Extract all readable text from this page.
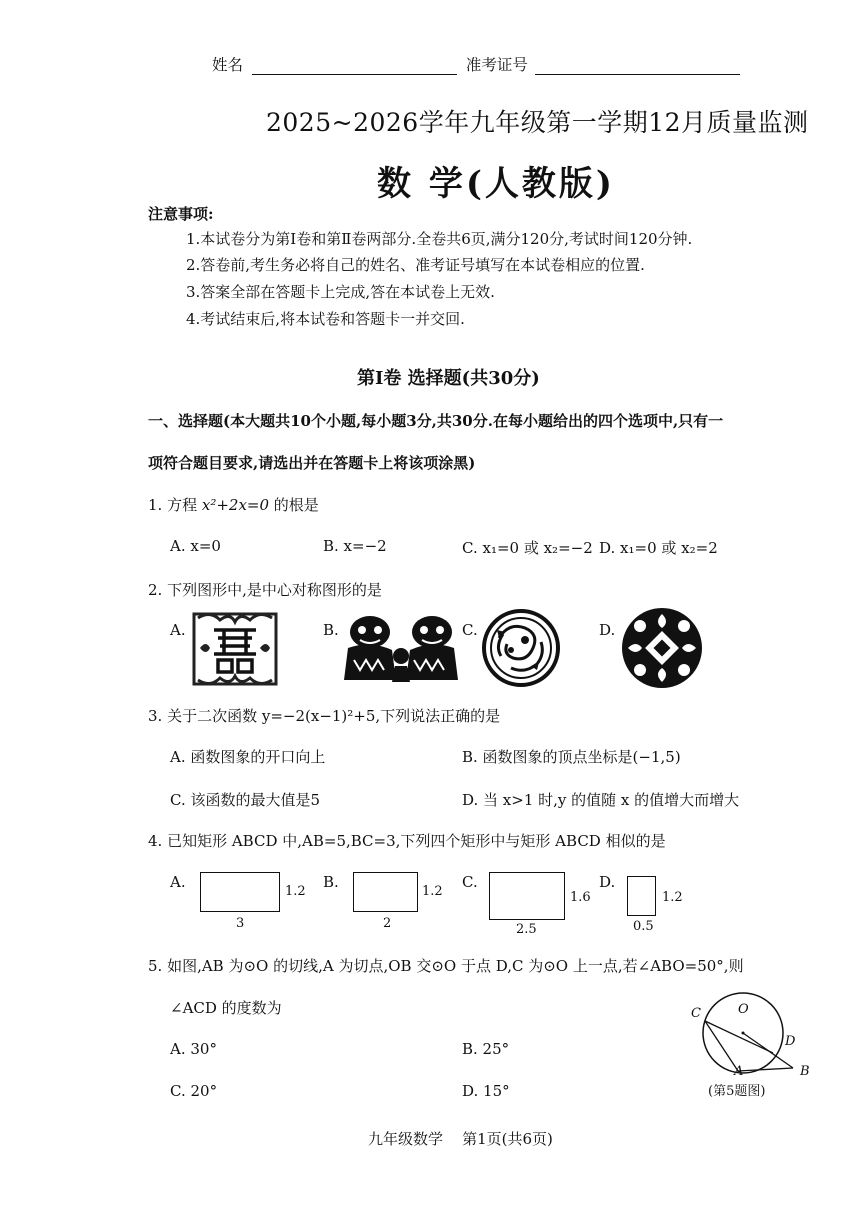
姓名	准考证号
2025~2026学年九年级第一学期12月质量监测
数 学(人教版)
注意事项:
1.本试卷分为第Ⅰ卷和第Ⅱ卷两部分.全卷共6页,满分120分,考试时间120分钟.
2.答卷前,考生务必将自己的姓名、准考证号填写在本试卷相应的位置.
3.答案全部在答题卡上完成,答在本试卷上无效.
4.考试结束后,将本试卷和答题卡一并交回.
第Ⅰ卷 选择题(共30分)
一、选择题(本大题共10个小题,每小题3分,共30分.在每小题给出的四个选项中,只有一
项符合题目要求,请选出并在答题卡上将该项涂黑)
1. 方程 x²+2x=0 的根是
A. x=0	B. x=−2	C. x₁=0 或 x₂=−2 D. x₁=0 或 x₂=2
2. 下列图形中,是中心对称图形的是
A.	B.	C.	D.
3. 关于二次函数 y=−2(x−1)²+5,下列说法正确的是
A. 函数图象的开口向上	B. 函数图象的顶点坐标是(−1,5)
C. 该函数的最大值是5	D. 当 x>1 时,y 的值随 x 的值增大而增大
4. 已知矩形 ABCD 中,AB=5,BC=3,下列四个矩形中与矩形 ABCD 相似的是
A.
1.2
3
B.
1.2
2
C.
1.6
2.5
D.
1.2
0.5
5. 如图,AB 为⊙O 的切线,A 为切点,OB 交⊙O 于点 D,C 为⊙O 上一点,若∠ABO=50°,则
∠ACD 的度数为
A. 30°	B. 25°
C. 20°	D. 15°
C	O
D
A	B
(第5题图)
九年级数学    第1页(共6页)
